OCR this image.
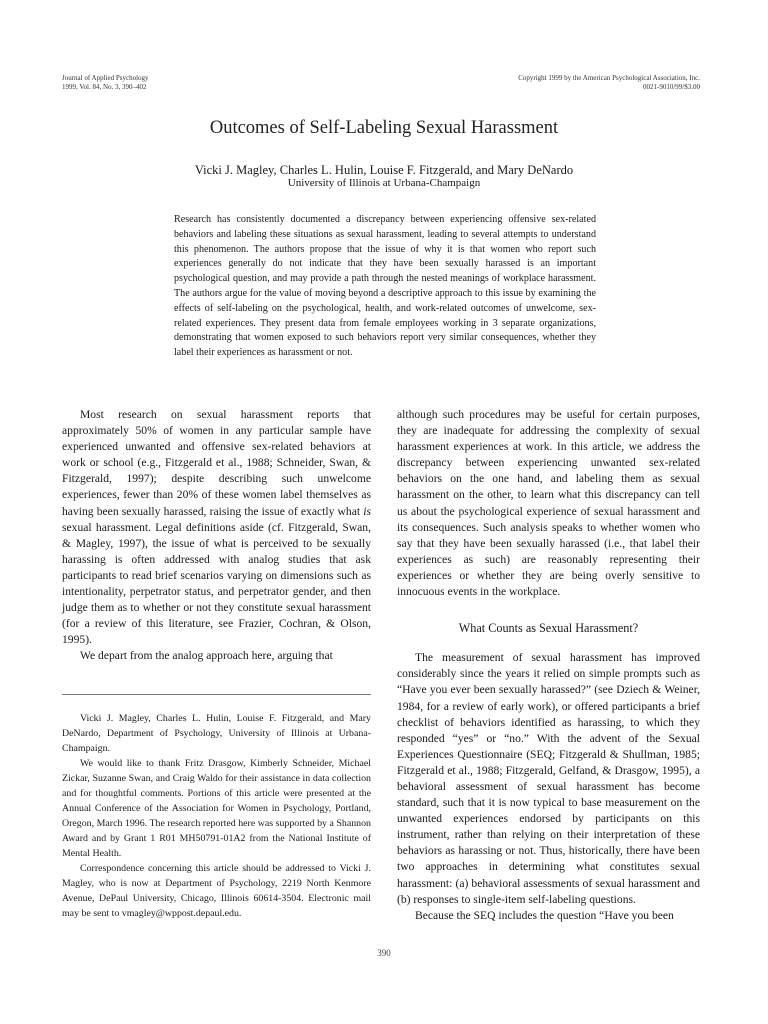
Journal of Applied Psychology
1999, Vol. 84, No. 3, 390–402
Copyright 1999 by the American Psychological Association, Inc.
0021-9010/99/$3.00
Outcomes of Self-Labeling Sexual Harassment
Vicki J. Magley, Charles L. Hulin, Louise F. Fitzgerald, and Mary DeNardo
University of Illinois at Urbana-Champaign

Research has consistently documented a discrepancy between experiencing offensive sex-related behaviors and labeling these situations as sexual harassment, leading to several attempts to understand this phenomenon. The authors propose that the issue of why it is that women who report such experiences generally do not indicate that they have been sexually harassed is an important psychological question, and may provide a path through the nested meanings of workplace harassment. The authors argue for the value of moving beyond a descriptive approach to this issue by examining the effects of self-labeling on the psychological, health, and work-related outcomes of unwelcome, sex-related experiences. They present data from female employees working in 3 separate organizations, demonstrating that women exposed to such behaviors report very similar consequences, whether they label their experiences as harassment or not.

Most research on sexual harassment reports that approximately 50% of women in any particular sample have experienced unwanted and offensive sex-related behaviors at work or school (e.g., Fitzgerald et al., 1988; Schneider, Swan, & Fitzgerald, 1997); despite describing such unwelcome experiences, fewer than 20% of these women label themselves as having been sexually harassed, raising the issue of exactly what is sexual harassment. Legal definitions aside (cf. Fitzgerald, Swan, & Magley, 1997), the issue of what is perceived to be sexually harassing is often addressed with analog studies that ask participants to read brief scenarios varying on dimensions such as intentionality, perpetrator status, and perpetrator gender, and then judge them as to whether or not they constitute sexual harassment (for a review of this literature, see Frazier, Cochran, & Olson, 1995).

We depart from the analog approach here, arguing that

Vicki J. Magley, Charles L. Hulin, Louise F. Fitzgerald, and Mary DeNardo, Department of Psychology, University of Illinois at Urbana-Champaign.

We would like to thank Fritz Drasgow, Kimberly Schneider, Michael Zickar, Suzanne Swan, and Craig Waldo for their assistance in data collection and for thoughtful comments. Portions of this article were presented at the Annual Conference of the Association for Women in Psychology, Portland, Oregon, March 1996. The research reported here was supported by a Shannon Award and by Grant 1 R01 MH50791-01A2 from the National Institute of Mental Health.

Correspondence concerning this article should be addressed to Vicki J. Magley, who is now at Department of Psychology, 2219 North Kenmore Avenue, DePaul University, Chicago, Illinois 60614-3504. Electronic mail may be sent to vmagley@wppost.depaul.edu.

although such procedures may be useful for certain purposes, they are inadequate for addressing the complexity of sexual harassment experiences at work. In this article, we address the discrepancy between experiencing unwanted sex-related behaviors on the one hand, and labeling them as sexual harassment on the other, to learn what this discrepancy can tell us about the psychological experience of sexual harassment and its consequences. Such analysis speaks to whether women who say that they have been sexually harassed (i.e., that label their experiences as such) are reasonably representing their experiences or whether they are being overly sensitive to innocuous events in the workplace.

What Counts as Sexual Harassment?

The measurement of sexual harassment has improved considerably since the years it relied on simple prompts such as “Have you ever been sexually harassed?” (see Dziech & Weiner, 1984, for a review of early work), or offered participants a brief checklist of behaviors identified as harassing, to which they responded “yes” or “no.” With the advent of the Sexual Experiences Questionnaire (SEQ; Fitzgerald & Shullman, 1985; Fitzgerald et al., 1988; Fitzgerald, Gelfand, & Drasgow, 1995), a behavioral assessment of sexual harassment has become standard, such that it is now typical to base measurement on the unwanted experiences endorsed by participants on this instrument, rather than relying on their interpretation of these behaviors as harassing or not. Thus, historically, there have been two approaches in determining what constitutes sexual harassment: (a) behavioral assessments of sexual harassment and (b) responses to single-item self-labeling questions.

Because the SEQ includes the question “Have you been

390
